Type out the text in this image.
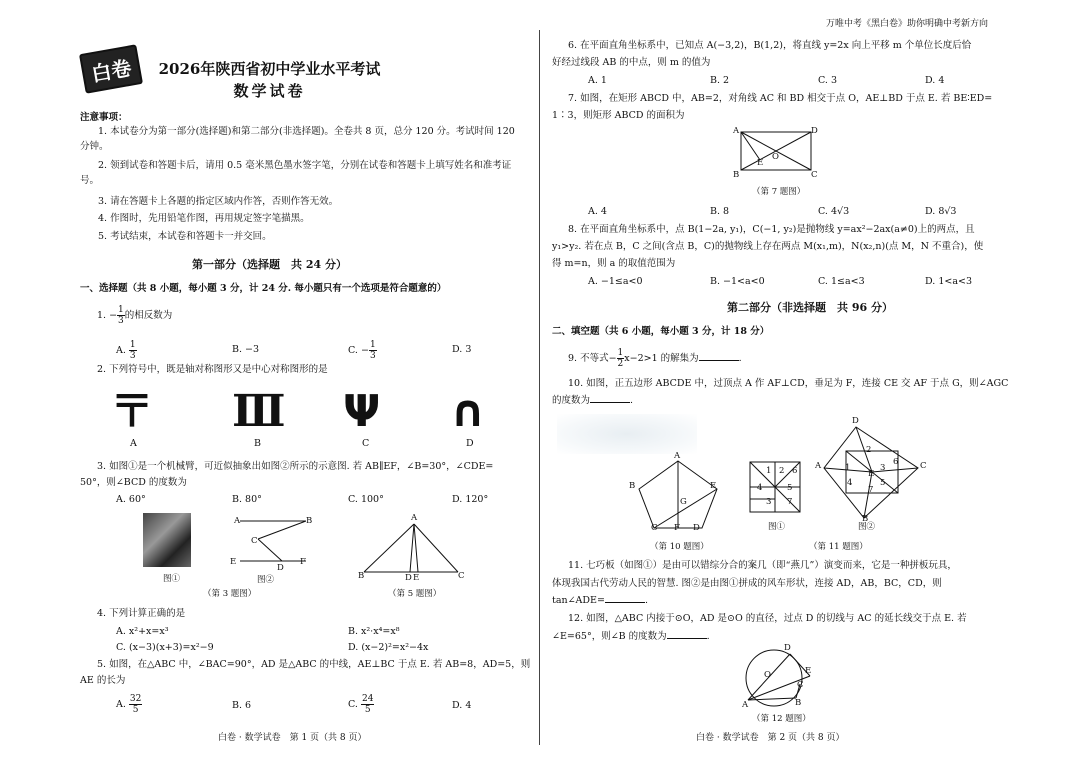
白卷	2026年陕西省初中学业水平考试
数学试卷
注意事项：
1. 本试卷分为第一部分(选择题)和第二部分(非选择题)。全卷共 8 页，总分 120 分。考试时间 120 分钟。
2. 领到试卷和答题卡后，请用 0.5 毫米黑色墨水签字笔，分别在试卷和答题卡上填写姓名和准考证号。
3. 请在答题卡上各题的指定区域内作答，否则作答无效。
4. 作图时，先用铅笔作图，再用规定签字笔描黑。
5. 考试结束，本试卷和答题卡一并交回。
第一部分（选择题　共 24 分）
一、选择题（共 8 小题，每小题 3 分，计 24 分. 每小题只有一个选项是符合题意的）
1. − $\frac{1}{3}$ 的相反数为
A. $\frac{1}{3}$	B. −3	C. − $\frac{1}{3}$	D. 3
2. 下列符号中，既是轴对称图形又是中心对称图形的是
〒 Ⅲ Ψ ∩
A	B	C	D
3. 如图①是一个机械臂，可近似抽象出如图②所示的示意图. 若 AB∥EF，∠B=30°，∠CDE=
50°，则∠BCD 的度数为
A. 60°	B. 80°	C. 100°	D. 120°
图①
A	B
C
D
E	F
图②
（第 3 题图）
A
B	C
D E
（第 5 题图）
4. 下列计算正确的是
A. x²+x=x³	B. x²·x⁴=x⁸
C. (x−3)(x+3)=x²−9	D. (x−2)²=x²−4x
5. 如图，在△ABC 中，∠BAC=90°，AD 是△ABC 的中线，AE⊥BC 于点 E. 若 AB=8，AD=5，则
AE 的长为
A. $\frac{32}{5}$	B. 6	C. $\frac{24}{5}$	D. 4
白卷 · 数学试卷　第 1 页（共 8 页）
万唯中考《黑白卷》助你明确中考新方向
6. 在平面直角坐标系中，已知点 A(−3,2)，B(1,2)，将直线 y=2x 向上平移 m 个单位长度后恰
好经过线段 AB 的中点，则 m 的值为
A. 1	B. 2	C. 3	D. 4
7. 如图，在矩形 ABCD 中，AB=2，对角线 AC 和 BD 相交于点 O，AE⊥BD 于点 E. 若 BE∶ED=
1∶3，则矩形 ABCD 的面积为
A
B	C
D
E
O
（第 7 题图）
A. 4	B. 8	C. 4√3	D. 8√3
8. 在平面直角坐标系中，点 B(1−2a, y₁)，C(−1, y₂)是抛物线 y=ax²−2ax(a≠0)上的两点，且
y₁>y₂. 若在点 B，C 之间(含点 B，C)的抛物线上存在两点 M(x₁,m)，N(x₂,n)(点 M，N 不重合)，使
得 m=n，则 a 的取值范围为
A. −1≤a<0	B. −1<a<0	C. 1≤a<3	D. 1<a<3
第二部分（非选择题　共 96 分）
二、填空题（共 6 小题，每小题 3 分，计 18 分）
9. 不等式− $\frac{1}{2} x-2>1$ 的解集为	.
10. 如图，正五边形 ABCDE 中，过顶点 A 作 AF⊥CD，垂足为 F，连接 CE 交 AF 于点 G，则∠AGC
的度数为	.
A
B
C	D
E
F
G
（第 10 题图）
1 2
3
4	5
6
7
图①
D
A	C
B
E
1
2
3
4	5
6
7
图②
（第 11 题图）
11. 七巧板（如图①）是由可以错综分合的案几（即“燕几”）演变而来，它是一种拼板玩具，
体现我国古代劳动人民的智慧. 图②是由图①拼成的风车形状，连接 AD，AB，BC，CD，则
tan∠ADE=	.
12. 如图，△ABC 内接于⊙O，AD 是⊙O 的直径，过点 D 的切线与 AC 的延长线交于点 E. 若
∠E=65°，则∠B 的度数为	.
A	B
C
D
E
O
（第 12 题图）
白卷 · 数学试卷　第 2 页（共 8 页）
